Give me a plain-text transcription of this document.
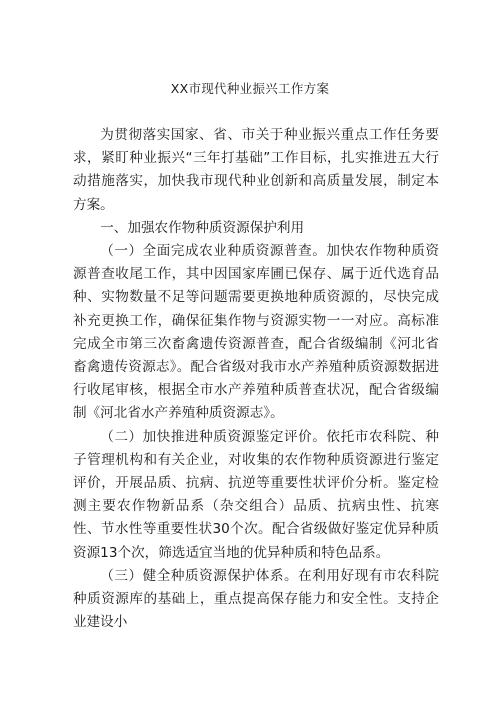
XX市现代种业振兴工作方案

为贯彻落实国家、省、市关于种业振兴重点工作任务要求，紧盯种业振兴“三年打基础”工作目标，扎实推进五大行动措施落实，加快我市现代种业创新和高质量发展，制定本方案。

一、加强农作物种质资源保护利用

（一）全面完成农业种质资源普查。加快农作物种质资源普查收尾工作，其中因国家库圃已保存、属于近代选育品种、实物数量不足等问题需要更换地种质资源的，尽快完成补充更换工作，确保征集作物与资源实物一一对应。高标准完成全市第三次畜禽遗传资源普查，配合省级编制《河北省畜禽遗传资源志》。配合省级对我市水产养殖种质资源数据进行收尾审核，根据全市水产养殖种质普查状况，配合省级编制《河北省水产养殖种质资源志》。

（二）加快推进种质资源鉴定评价。依托市农科院、种子管理机构和有关企业，对收集的农作物种质资源进行鉴定评价，开展品质、抗病、抗逆等重要性状评价分析。鉴定检测主要农作物新品系（杂交组合）品质、抗病虫性、抗寒性、节水性等重要性状30个次。配合省级做好鉴定优异种质资源13个次，筛选适宜当地的优异种质和特色品系。

（三）健全种质资源保护体系。在利用好现有市农科院种质资源库的基础上，重点提高保存能力和安全性。支持企业建设小
